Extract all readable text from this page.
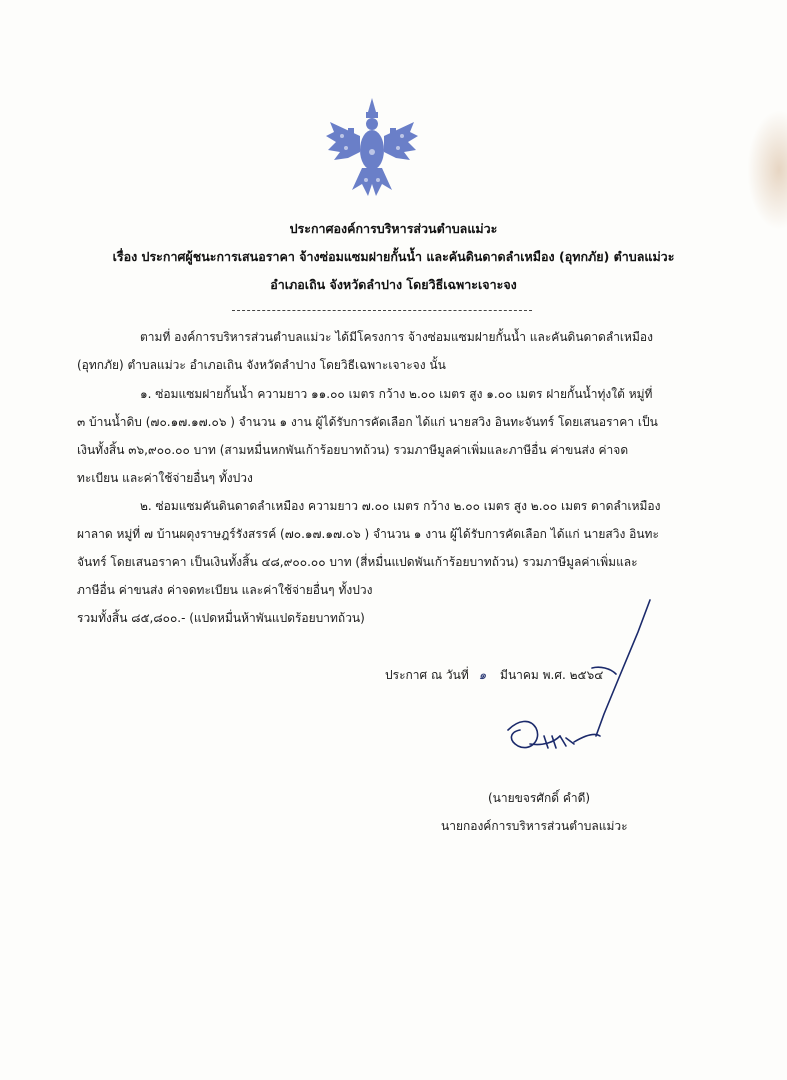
ประกาศองค์การบริหารส่วนตำบลแม่วะ
เรื่อง ประกาศผู้ชนะการเสนอราคา จ้างซ่อมแซมฝายกั้นน้ำ และคันดินดาดลำเหมือง (อุทกภัย) ตำบลแม่วะ
อำเภอเถิน จังหวัดลำปาง โดยวิธีเฉพาะเจาะจง
ตามที่ องค์การบริหารส่วนตำบลแม่วะ ได้มีโครงการ จ้างซ่อมแซมฝายกั้นน้ำ และคันดินดาดลำเหมือง
(อุทกภัย) ตำบลแม่วะ อำเภอเถิน จังหวัดลำปาง โดยวิธีเฉพาะเจาะจง นั้น
๑. ซ่อมแซมฝายกั้นน้ำ ความยาว ๑๑.๐๐ เมตร กว้าง ๒.๐๐ เมตร สูง ๑.๐๐ เมตร ฝายกั้นน้ำทุ่งใต้ หมู่ที่
๓ บ้านน้ำดิบ (๗๐.๑๗.๑๗.๐๖ ) จำนวน ๑ งาน ผู้ได้รับการคัดเลือก ได้แก่ นายสวิง อินทะจันทร์ โดยเสนอราคา เป็น
เงินทั้งสิ้น ๓๖,๙๐๐.๐๐ บาท (สามหมื่นหกพันเก้าร้อยบาทถ้วน) รวมภาษีมูลค่าเพิ่มและภาษีอื่น ค่าขนส่ง ค่าจด
ทะเบียน และค่าใช้จ่ายอื่นๆ ทั้งปวง
๒. ซ่อมแซมคันดินดาดลำเหมือง ความยาว ๗.๐๐ เมตร กว้าง ๒.๐๐ เมตร สูง ๒.๐๐ เมตร ดาดลำเหมือง
ผาลาด หมู่ที่ ๗ บ้านผดุงราษฎร์รังสรรค์ (๗๐.๑๗.๑๗.๐๖ ) จำนวน ๑ งาน ผู้ได้รับการคัดเลือก ได้แก่ นายสวิง อินทะ
จันทร์ โดยเสนอราคา เป็นเงินทั้งสิ้น ๔๘,๙๐๐.๐๐ บาท (สี่หมื่นแปดพันเก้าร้อยบาทถ้วน) รวมภาษีมูลค่าเพิ่มและ
ภาษีอื่น ค่าขนส่ง ค่าจดทะเบียน และค่าใช้จ่ายอื่นๆ ทั้งปวง
รวมทั้งสิ้น ๘๕,๘๐๐.- (แปดหมื่นห้าพันแปดร้อยบาทถ้วน)
ประกาศ ณ วันที่ ๑ มีนาคม พ.ศ. ๒๕๖๔
(นายขจรศักดิ์ คำดี)
นายกองค์การบริหารส่วนตำบลแม่วะ
